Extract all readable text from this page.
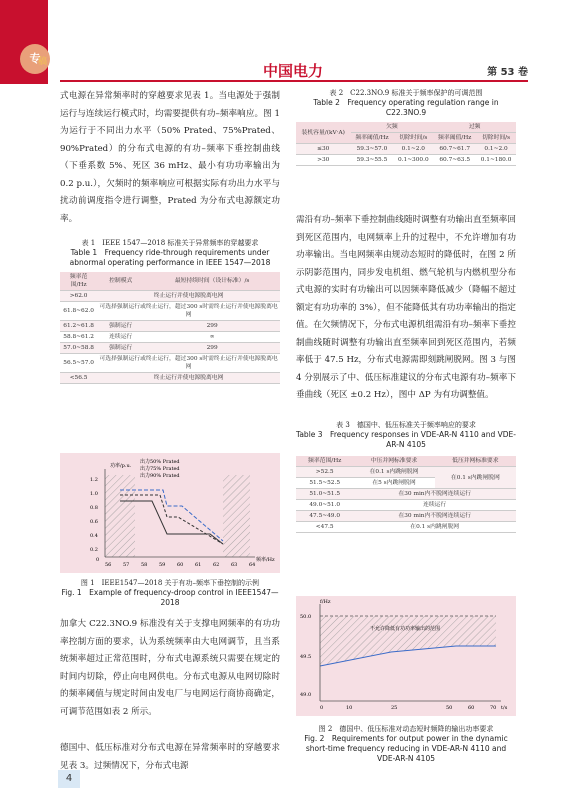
专
稿	中国电力	第 53 卷
式电源在异常频率时的穿越要求见表 1。当电源处于强制运行与连续运行模式时，均需要提供有功–频率响应。图 1 为运行于不同出力水平（50% Prated、75%Prated、90%Prated）的分布式电源的有功–频率下垂控制曲线（下垂系数 5%、死区 36 mHz、最小有功功率输出为 0.2 p.u.），欠频时的频率响应可根据实际有功出力水平与扰动前调度指令进行调整，Prated 为分布式电源额定功率。
表 1　IEEE 1547—2018 标准关于异常频率的穿越要求
Table 1　Frequency ride-through requirements under abnormal operating performance in IEEE 1547—2018
频率范围/Hz	控制模式	最短持续时间（设计标准）/s
>62.0	终止运行并使电源脱离电网	
61.8~62.0	可选择强制运行或终止运行，超过300 s时需终止运行并使电源脱离电网	
61.2~61.8	强制运行	299
58.8~61.2	连续运行	∞
57.0~58.8	强制运行	299
56.5~57.0	可选择强制运行或终止运行，超过300 s时需终止运行并使电源脱离电网	
<56.5	终止运行并使电源脱离电网	
1.2
1.0
0.8
0.6
0.4
0.2
0
56 57 58 59 60 61 62 63 64
功率/p.u.
频率/Hz
出力50% Prated
出力75% Prated
出力90% Prated
图 1　IEEE1547—2018 关于有功–频率下垂控制的示例
Fig. 1　Example of frequency-droop control in IEEE1547—2018
加拿大 C22.3NO.9 标准没有关于支撑电网频率的有功功率控制方面的要求，认为系统频率由大电网调节，且当系统频率超过正常范围时，分布式电源系统只需要在规定的时间内切除，停止向电网供电。分布式电源从电网切除时的频率阈值与规定时间由发电厂与电网运行商协商确定，可调节范围如表 2 所示。
德国中、低压标准对分布式电源在异常频率时的穿越要求见表 3。过频情况下，分布式电源
表 2　C22.3NO.9 标准关于频率保护的可调范围
Table 2　Frequency operating regulation range in C22.3NO.9
装机容量/(kV·A)	欠频		过频	
	频率阈值/Hz	切除时间/s	频率阈值/Hz	切除时间/s
≤30	59.3~57.0	0.1~2.0	60.7~61.7	0.1~2.0
>30	59.3~55.5	0.1~300.0	60.7~63.5	0.1~180.0
需沿有功–频率下垂控制曲线随时调整有功输出直至频率回到死区范围内，电网频率上升的过程中，不允许增加有功功率输出。当电网频率由规动态短时的降低时，在图 2 所示阴影范围内，同步发电机组、燃气轮机与内燃机型分布式电源的实时有功输出可以因频率降低减少（降幅不超过额定有功功率的 3%），但不能降低其有功功率输出的指定值。在欠频情况下，分布式电源机组需沿有功–频率下垂控制曲线随时调整有功输出直至频率回到死区范围内，若频率低于 47.5 Hz，分布式电源需即刻跳闸脱网。图 3 与图 4 分别展示了中、低压标准建议的分布式电源有功–频率下垂曲线（死区 ±0.2 Hz），图中 ΔP 为有功调整值。
表 3　德国中、低压标准关于频率响应的要求
Table 3　Frequency responses in VDE-AR-N 4110 and VDE-AR-N 4105
频率范围/Hz	中压并网标准要求	低压并网标准要求
>52.5	在0.1 s内跳闸脱网	在0.1 s内跳闸脱网
51.5~52.5	在5 s内跳闸脱网	
51.0~51.5	在30 min内不脱网连续运行	
49.0~51.0	连续运行	
47.5~49.0	在30 min内不脱网连续运行	
<47.5	在0.1 s内跳闸脱网	
50.0
49.5
49.0
0	10	25	50	60	70
f/Hz
t/s
不允许降低有功功率输出的范围
图 2　德国中、低压标准对动态短时频降的输出功率要求
Fig. 2　Requirements for output power in the dynamic short-time frequency reducing in VDE-AR-N 4110 and VDE-AR-N 4105
4
